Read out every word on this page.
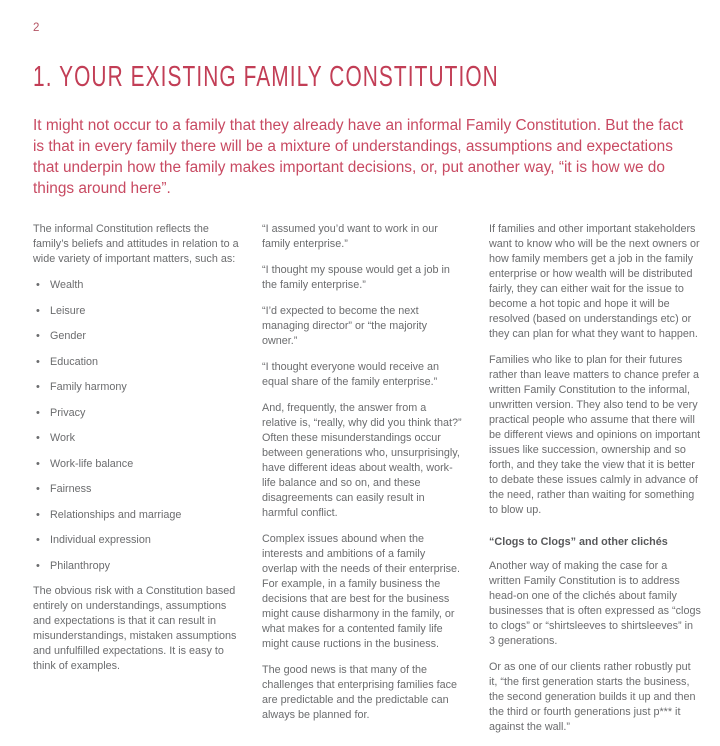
2
1. YOUR EXISTING FAMILY CONSTITUTION

It might not occur to a family that they already have an informal Family Constitution. But the fact is that in every family there will be a mixture of understandings, assumptions and expectations that underpin how the family makes important decisions, or, put another way, “it is how we do things around here”.

The informal Constitution reflects the family’s beliefs and attitudes in relation to a wide variety of important matters, such as:

• Wealth
• Leisure
• Gender
• Education
• Family harmony
• Privacy
• Work
• Work-life balance
• Fairness
• Relationships and marriage
• Individual expression
• Philanthropy

The obvious risk with a Constitution based entirely on understandings, assumptions and expectations is that it can result in misunderstandings, mistaken assumptions and unfulfilled expectations. It is easy to think of examples.

“I assumed you’d want to work in our family enterprise.”

“I thought my spouse would get a job in the family enterprise.”

“I’d expected to become the next managing director” or “the majority owner.”

“I thought everyone would receive an equal share of the family enterprise.”

And, frequently, the answer from a relative is, “really, why did you think that?” Often these misunderstandings occur between generations who, unsurprisingly, have different ideas about wealth, work-life balance and so on, and these disagreements can easily result in harmful conflict.

Complex issues abound when the interests and ambitions of a family overlap with the needs of their enterprise. For example, in a family business the decisions that are best for the business might cause disharmony in the family, or what makes for a contented family life might cause ructions in the business.

The good news is that many of the challenges that enterprising families face are predictable and the predictable can always be planned for.

If families and other important stakeholders want to know who will be the next owners or how family members get a job in the family enterprise or how wealth will be distributed fairly, they can either wait for the issue to become a hot topic and hope it will be resolved (based on understandings etc) or they can plan for what they want to happen.

Families who like to plan for their futures rather than leave matters to chance prefer a written Family Constitution to the informal, unwritten version. They also tend to be very practical people who assume that there will be different views and opinions on important issues like succession, ownership and so forth, and they take the view that it is better to debate these issues calmly in advance of the need, rather than waiting for something to blow up.

“Clogs to Clogs” and other clichés

Another way of making the case for a written Family Constitution is to address head-on one of the clichés about family businesses that is often expressed as “clogs to clogs” or “shirtsleeves to shirtsleeves” in 3 generations.

Or as one of our clients rather robustly put it, “the first generation starts the business, the second generation builds it up and then the third or fourth generations just p*** it against the wall.”
